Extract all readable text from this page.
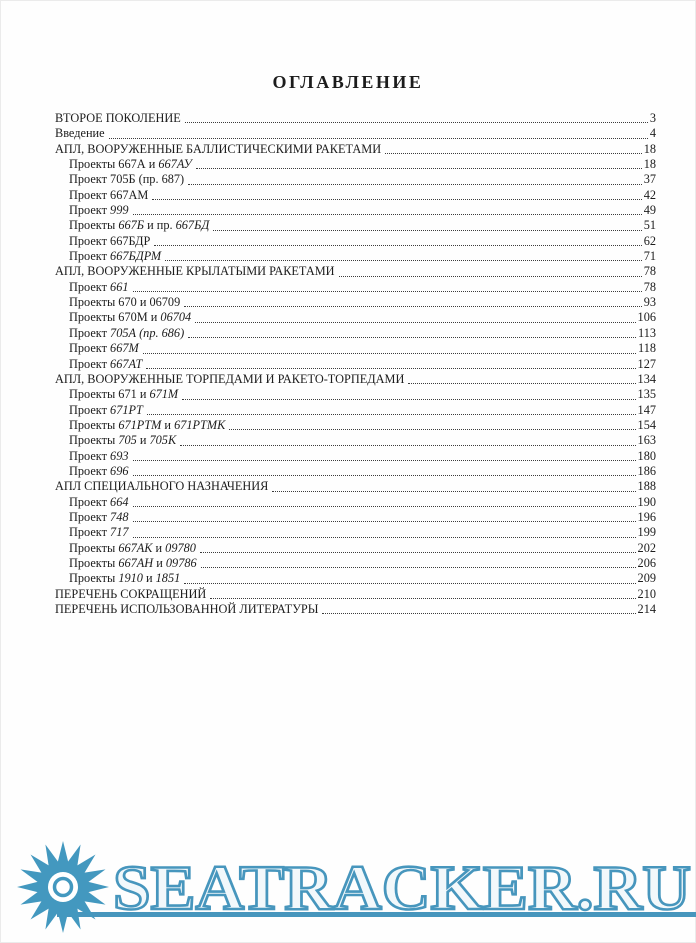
ОГЛАВЛЕНИЕ
ВТОРОЕ ПОКОЛЕНИЕ	3
Введение	4
АПЛ, ВООРУЖЕННЫЕ БАЛЛИСТИЧЕСКИМИ РАКЕТАМИ	18
Проекты 667А и 667АУ	18
Проект 705Б (пр. 687)	37
Проект 667АМ	42
Проект 999	49
Проекты 667Б и пр. 667БД	51
Проект 667БДР	62
Проект 667БДРМ	71
АПЛ, ВООРУЖЕННЫЕ КРЫЛАТЫМИ РАКЕТАМИ	78
Проект 661	78
Проекты 670 и 06709	93
Проекты 670М и 06704	106
Проект 705А (пр. 686)	113
Проект 667М	118
Проект 667АТ	127
АПЛ, ВООРУЖЕННЫЕ ТОРПЕДАМИ И РАКЕТО-ТОРПЕДАМИ	134
Проекты 671 и 671М	135
Проект 671РТ	147
Проекты 671РТМ и 671РТМК	154
Проекты 705 и 705К	163
Проект 693	180
Проект 696	186
АПЛ СПЕЦИАЛЬНОГО НАЗНАЧЕНИЯ	188
Проект 664	190
Проект 748	196
Проект 717	199
Проекты 667АК и 09780	202
Проекты 667АН и 09786	206
Проекты 1910 и 1851	209
ПЕРЕЧЕНЬ СОКРАЩЕНИЙ	210
ПЕРЕЧЕНЬ ИСПОЛЬЗОВАННОЙ ЛИТЕРАТУРЫ	214
SEATRACKER.RU
